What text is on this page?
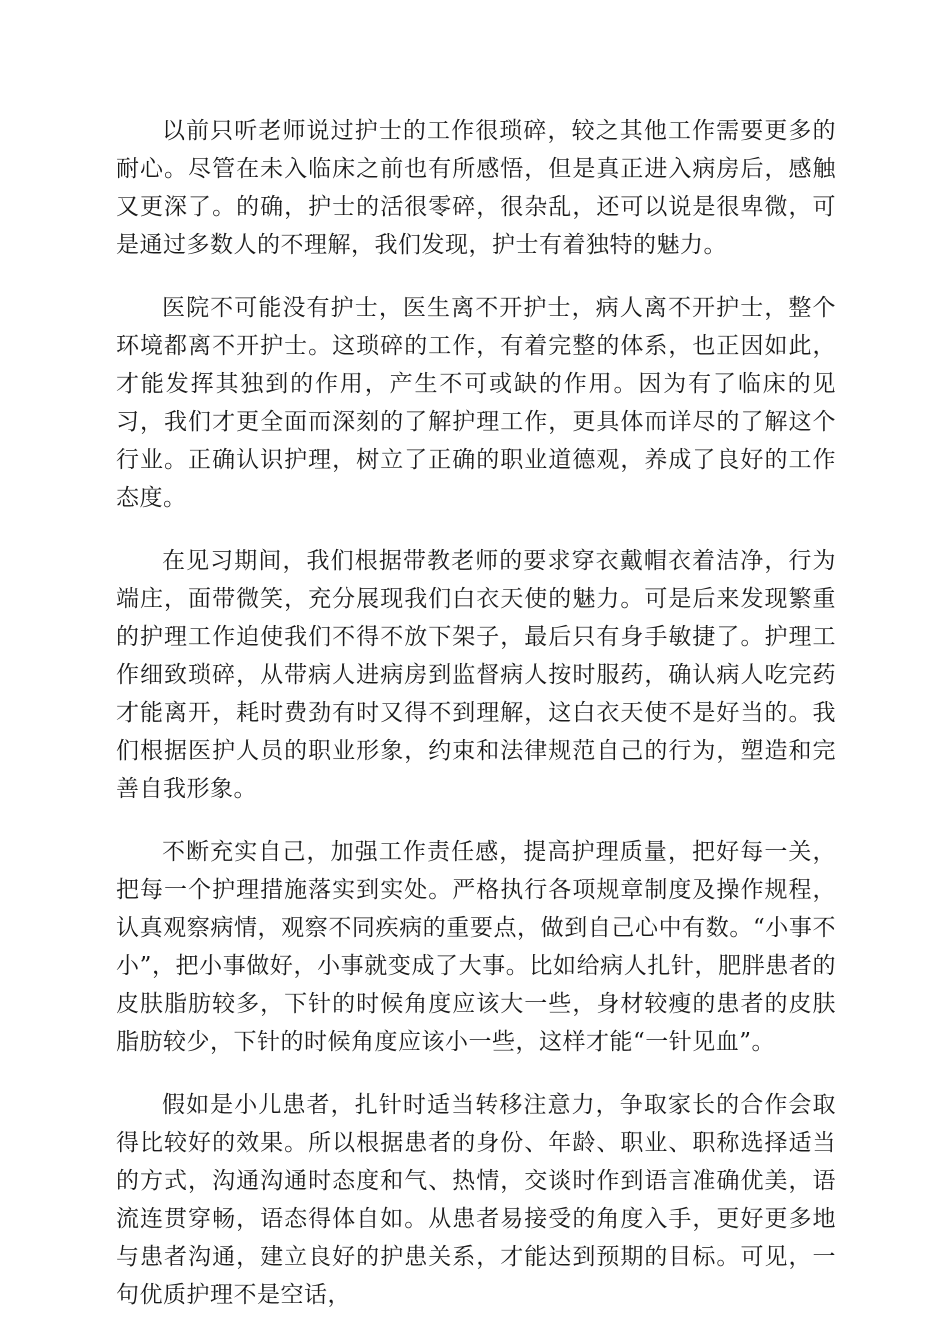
以前只听老师说过护士的工作很琐碎，较之其他工作需要更多的耐心。尽管在未入临床之前也有所感悟，但是真正进入病房后，感触又更深了。的确，护士的活很零碎，很杂乱，还可以说是很卑微，可是通过多数人的不理解，我们发现，护士有着独特的魅力。

医院不可能没有护士，医生离不开护士，病人离不开护士，整个环境都离不开护士。这琐碎的工作，有着完整的体系，也正因如此，才能发挥其独到的作用，产生不可或缺的作用。因为有了临床的见习，我们才更全面而深刻的了解护理工作，更具体而详尽的了解这个行业。正确认识护理，树立了正确的职业道德观，养成了良好的工作态度。

在见习期间，我们根据带教老师的要求穿衣戴帽衣着洁净，行为端庄，面带微笑，充分展现我们白衣天使的魅力。可是后来发现繁重的护理工作迫使我们不得不放下架子，最后只有身手敏捷了。护理工作细致琐碎，从带病人进病房到监督病人按时服药，确认病人吃完药才能离开，耗时费劲有时又得不到理解，这白衣天使不是好当的。我们根据医护人员的职业形象，约束和法律规范自己的行为，塑造和完善自我形象。

不断充实自己，加强工作责任感，提高护理质量，把好每一关，把每一个护理措施落实到实处。严格执行各项规章制度及操作规程，认真观察病情，观察不同疾病的重要点，做到自己心中有数。“小事不小”，把小事做好，小事就变成了大事。比如给病人扎针，肥胖患者的皮肤脂肪较多，下针的时候角度应该大一些，身材较瘦的患者的皮肤脂肪较少，下针的时候角度应该小一些，这样才能“一针见血”。

假如是小儿患者，扎针时适当转移注意力，争取家长的合作会取得比较好的效果。所以根据患者的身份、年龄、职业、职称选择适当的方式，沟通沟通时态度和气、热情，交谈时作到语言准确优美，语流连贯穿畅，语态得体自如。从患者易接受的角度入手，更好更多地与患者沟通，建立良好的护患关系，才能达到预期的目标。可见，一句优质护理不是空话，
